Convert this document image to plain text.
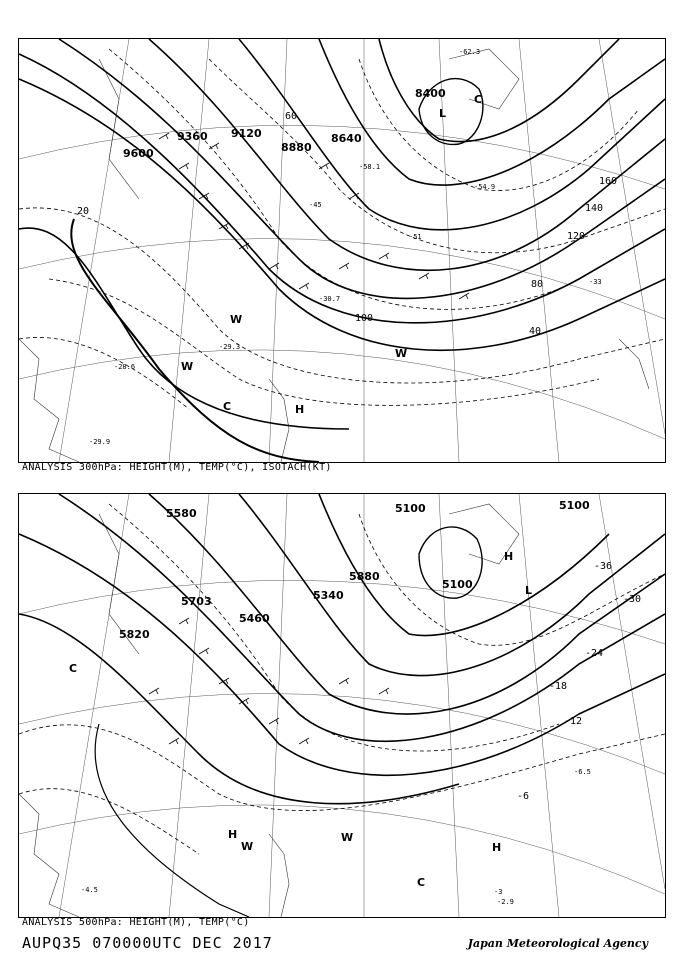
8400
8640
8880
9120
9360
9600
20
40
60
80
100
120
140
160
-33
-30.7
-29.3
-28.6
-29.9
-45
-51
-54.9
-58.1
-62.3
L
C
H
C
W
W
W
ANALYSIS 300hPa: HEIGHT(M), TEMP(°C), ISOTACH(KT)
5100	5100
5100
5340
5460
5580
5703
5820
5880
-36
-30
-24
-18
-12
-6
-3
-4.5
-6.5
-2.9
H
L
H
W
W
H
C
C
ANALYSIS 500hPa: HEIGHT(M), TEMP(°C)
AUPQ35 070000UTC DEC 2017	Japan Meteorological Agency
